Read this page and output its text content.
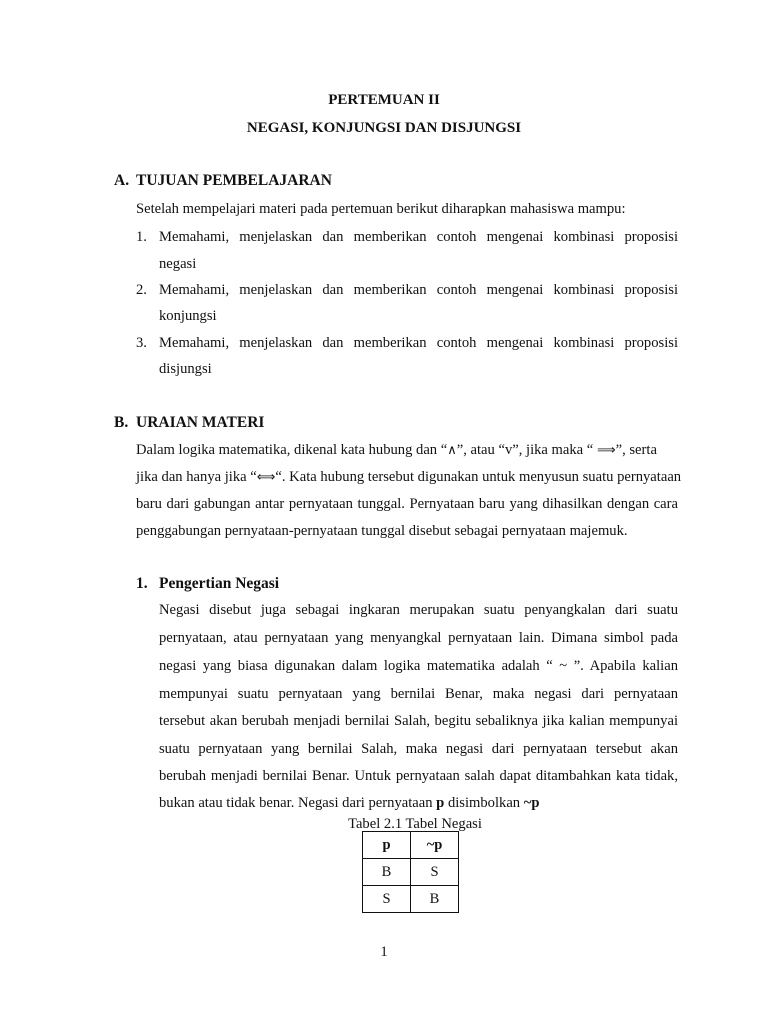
PERTEMUAN II
NEGASI, KONJUNGSI DAN DISJUNGSI
A. TUJUAN PEMBELAJARAN
Setelah mempelajari materi pada pertemuan berikut diharapkan mahasiswa mampu:
1. Memahami, menjelaskan dan memberikan contoh mengenai kombinasi proposisi
negasi
2. Memahami, menjelaskan dan memberikan contoh mengenai kombinasi proposisi
konjungsi
3. Memahami, menjelaskan dan memberikan contoh mengenai kombinasi proposisi
disjungsi
B. URAIAN MATERI
Dalam logika matematika, dikenal kata hubung dan “∧”, atau “v”, jika maka “ ⟹”, serta
jika dan hanya jika “⟺“. Kata hubung tersebut digunakan untuk menyusun suatu pernyataan
baru dari gabungan antar pernyataan tunggal. Pernyataan baru yang dihasilkan dengan cara
penggabungan pernyataan-pernyataan tunggal disebut sebagai pernyataan majemuk.
1. Pengertian Negasi
Negasi disebut juga sebagai ingkaran merupakan suatu penyangkalan dari suatu
pernyataan, atau pernyataan yang menyangkal pernyataan lain. Dimana simbol pada
negasi yang biasa digunakan dalam logika matematika adalah “ ~ ”. Apabila kalian
mempunyai suatu pernyataan yang bernilai Benar, maka negasi dari pernyataan
tersebut akan berubah menjadi bernilai Salah, begitu sebaliknya jika kalian mempunyai
suatu pernyataan yang bernilai Salah, maka negasi dari pernyataan tersebut akan
berubah menjadi bernilai Benar. Untuk pernyataan salah dapat ditambahkan kata tidak,
bukan atau tidak benar. Negasi dari pernyataan p disimbolkan ~p
Tabel 2.1 Tabel Negasi
p	~p
B	S
S	B
1
